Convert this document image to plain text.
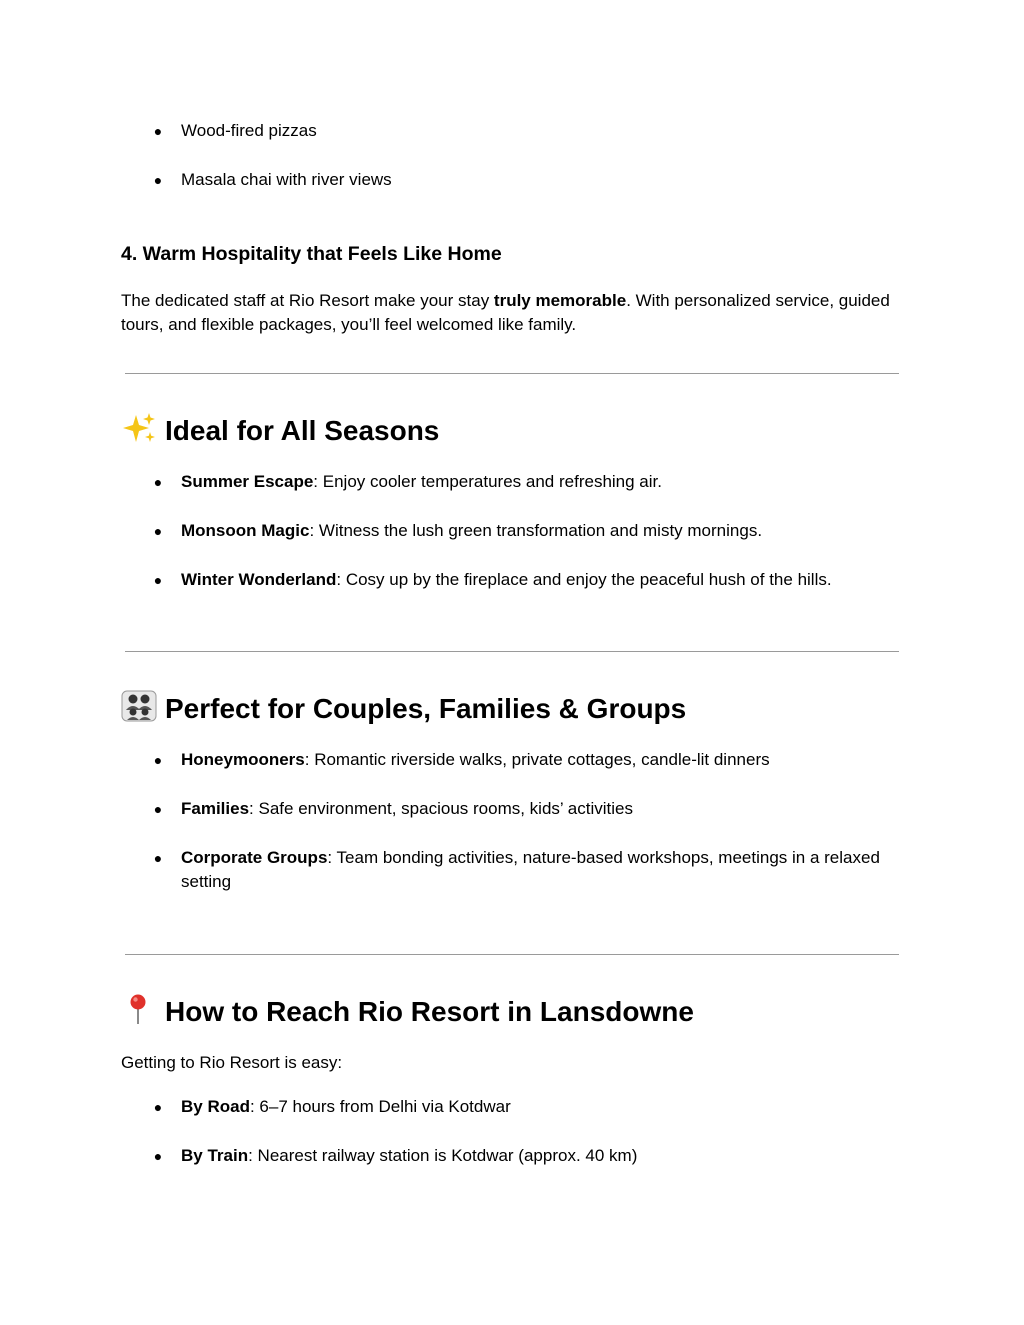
● Wood-fired pizzas
● Masala chai with river views
4. Warm Hospitality that Feels Like Home
The dedicated staff at Rio Resort make your stay truly memorable. With personalized service, guided tours, and flexible packages, you’ll feel welcomed like family.
Ideal for All Seasons
● Summer Escape: Enjoy cooler temperatures and refreshing air.
● Monsoon Magic: Witness the lush green transformation and misty mornings.
● Winter Wonderland: Cosy up by the fireplace and enjoy the peaceful hush of the hills.
Perfect for Couples, Families & Groups
● Honeymooners: Romantic riverside walks, private cottages, candle-lit dinners
● Families: Safe environment, spacious rooms, kids’ activities
● Corporate Groups: Team bonding activities, nature-based workshops, meetings in a relaxed setting
How to Reach Rio Resort in Lansdowne
Getting to Rio Resort is easy:
● By Road: 6–7 hours from Delhi via Kotdwar
● By Train: Nearest railway station is Kotdwar (approx. 40 km)
